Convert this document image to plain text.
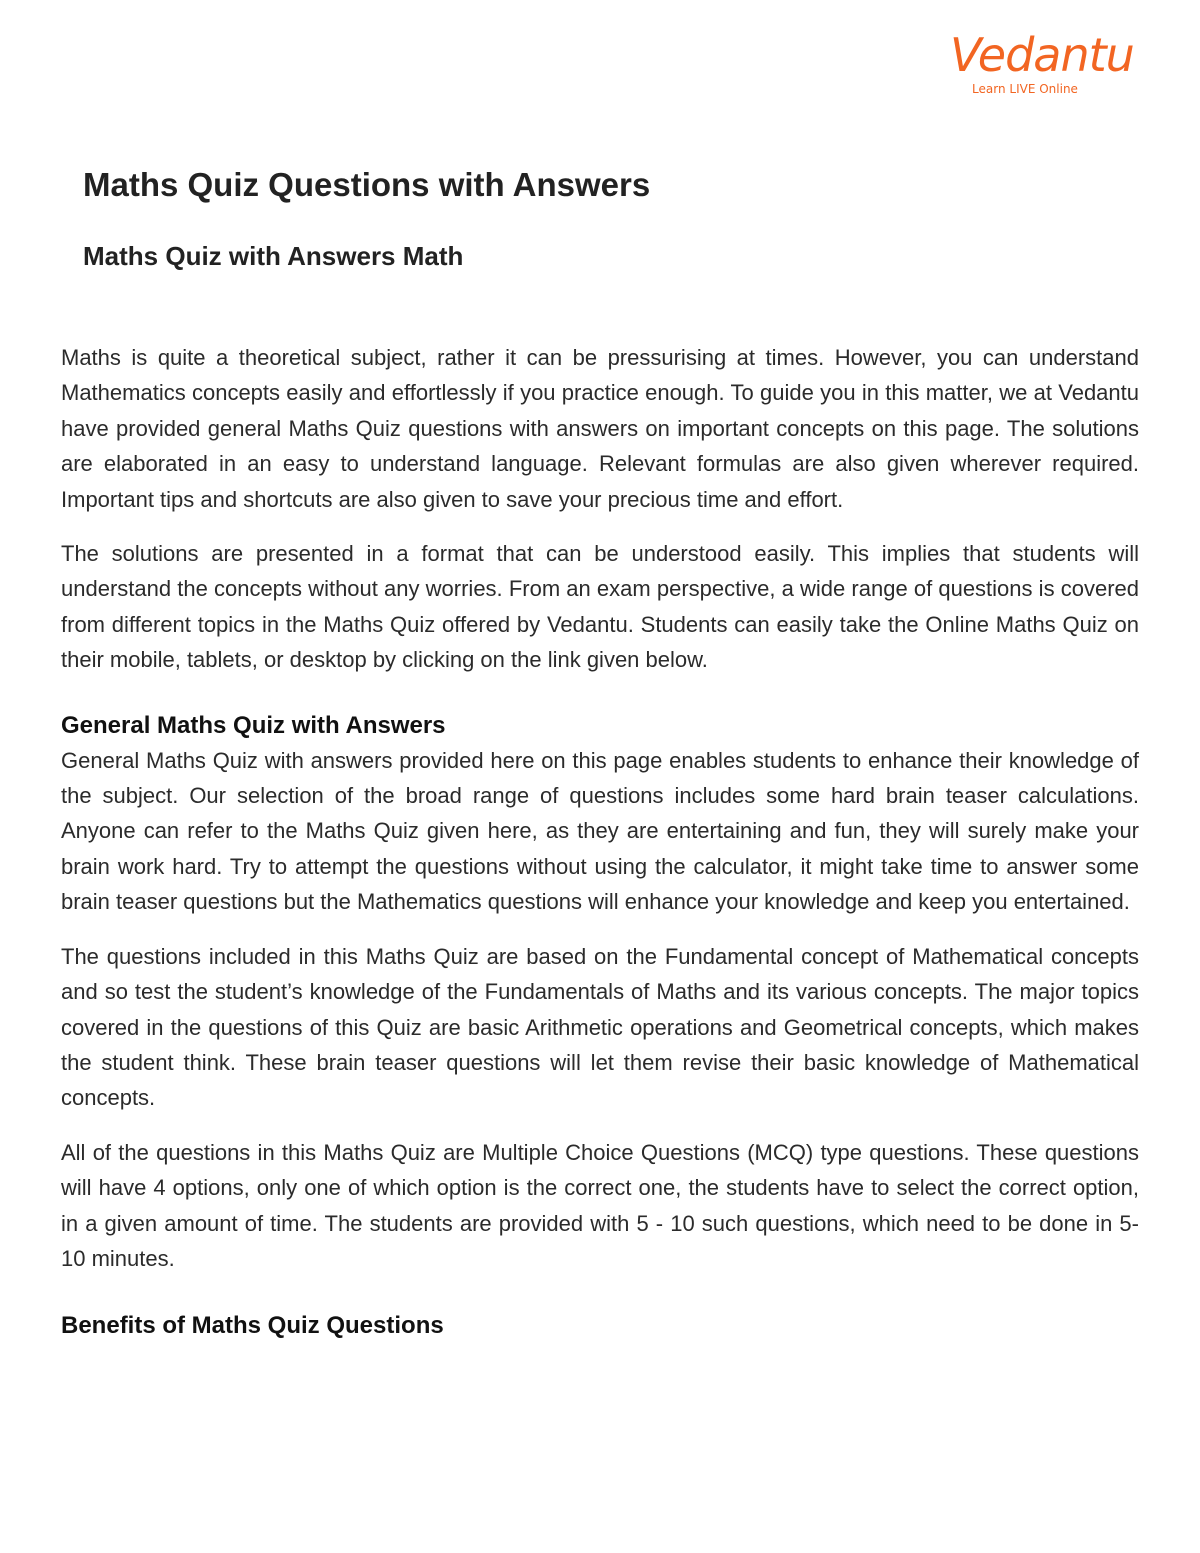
Vedantu
Learn LIVE Online
Maths Quiz Questions with Answers
Maths Quiz with Answers Math

Maths is quite a theoretical subject, rather it can be pressurising at times. However, you can understand Mathematics concepts easily and effortlessly if you practice enough. To guide you in this matter, we at Vedantu have provided general Maths Quiz questions with answers on important concepts on this page. The solutions are elaborated in an easy to understand language. Relevant formulas are also given wherever required. Important tips and shortcuts are also given to save your precious time and effort.

The solutions are presented in a format that can be understood easily. This implies that students will understand the concepts without any worries. From an exam perspective, a wide range of questions is covered from different topics in the Maths Quiz offered by Vedantu. Students can easily take the Online Maths Quiz on their mobile, tablets, or desktop by clicking on the link given below.

General Maths Quiz with Answers

General Maths Quiz with answers provided here on this page enables students to enhance their knowledge of the subject. Our selection of the broad range of questions includes some hard brain teaser calculations. Anyone can refer to the Maths Quiz given here, as they are entertaining and fun, they will surely make your brain work hard. Try to attempt the questions without using the calculator, it might take time to answer some brain teaser questions but the Mathematics questions will enhance your knowledge and keep you entertained.

The questions included in this Maths Quiz are based on the Fundamental concept of Mathematical concepts and so test the student’s knowledge of the Fundamentals of Maths and its various concepts. The major topics covered in the questions of this Quiz are basic Arithmetic operations and Geometrical concepts, which makes the student think. These brain teaser questions will let them revise their basic knowledge of Mathematical concepts.

All of the questions in this Maths Quiz are Multiple Choice Questions (MCQ) type questions. These questions will have 4 options, only one of which option is the correct one, the students have to select the correct option, in a given amount of time. The students are provided with 5 - 10 such questions, which need to be done in 5- 10 minutes.

Benefits of Maths Quiz Questions
